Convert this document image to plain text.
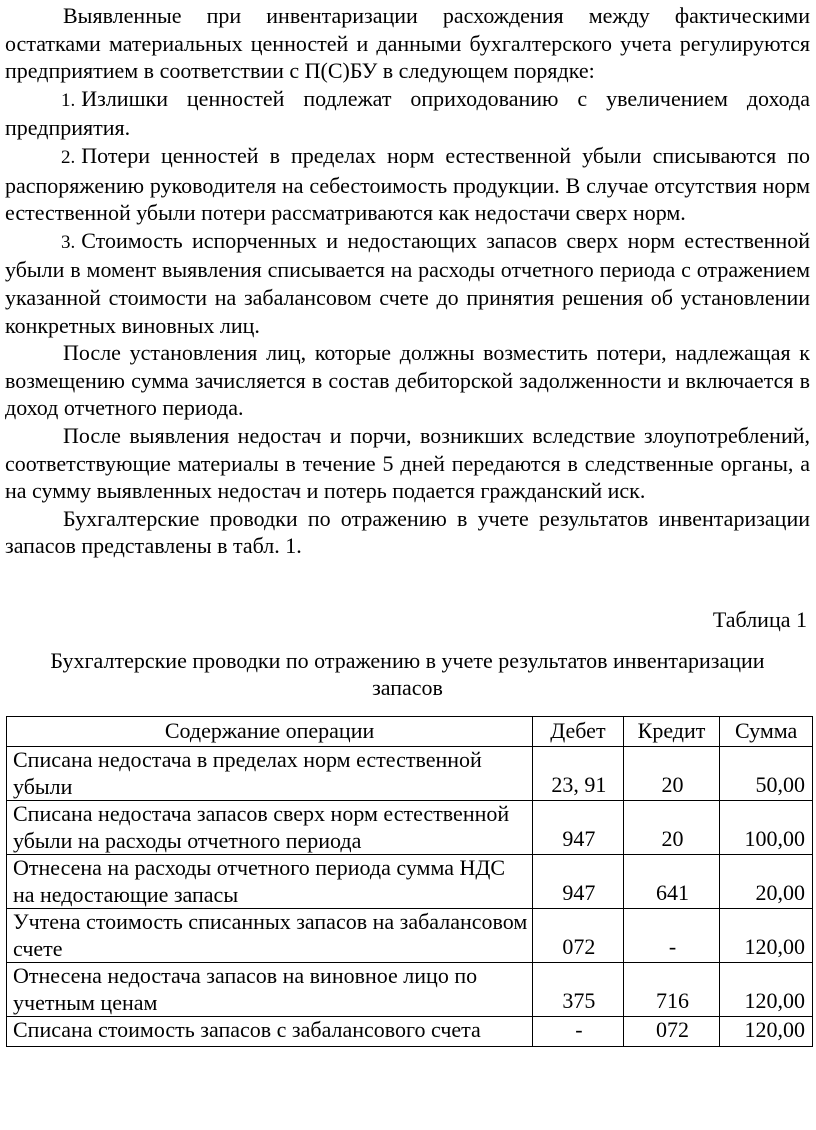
Выявленные при инвентаризации расхождения между фактическими остатками материальных ценностей и данными бухгалтерского учета регулируются предприятием в соответствии с П(С)БУ в следующем порядке:

1. Излишки ценностей подлежат оприходованию с увеличением дохода предприятия.

2. Потери ценностей в пределах норм естественной убыли списываются по распоряжению руководителя на себестоимость продукции. В случае отсутствия норм естественной убыли потери рассматриваются как недостачи сверх норм.

3. Стоимость испорченных и недостающих запасов сверх норм естественной убыли в момент выявления списывается на расходы отчетного периода с отражением указанной стоимости на забалансовом счете до принятия решения об установлении конкретных виновных лиц.

После установления лиц, которые должны возместить потери, надлежащая к возмещению сумма зачисляется в состав дебиторской задолженности и включается в доход отчетного периода.

После выявления недостач и порчи, возникших вследствие злоупотреблений, соответствующие материалы в течение 5 дней передаются в следственные органы, а на сумму выявленных недостач и потерь подается гражданский иск.

Бухгалтерские проводки по отражению в учете результатов инвентаризации запасов представлены в табл. 1.

Таблица 1
Бухгалтерские проводки по отражению в учете результатов инвентаризации запасов
Содержание операции	Дебет	Кредит	Сумма
Списана недостача в пределах норм естественной убыли	23, 91	20	50,00
Списана недостача запасов сверх норм естественной убыли на расходы отчетного периода	947	20	100,00
Отнесена на расходы отчетного периода сумма НДС на недостающие запасы	947	641	20,00
Учтена стоимость списанных запасов на забалансовом счете	072	-	120,00
Отнесена недостача запасов на виновное лицо по учетным ценам	375	716	120,00
Списана стоимость запасов с забалансового счета	-	072	120,00
